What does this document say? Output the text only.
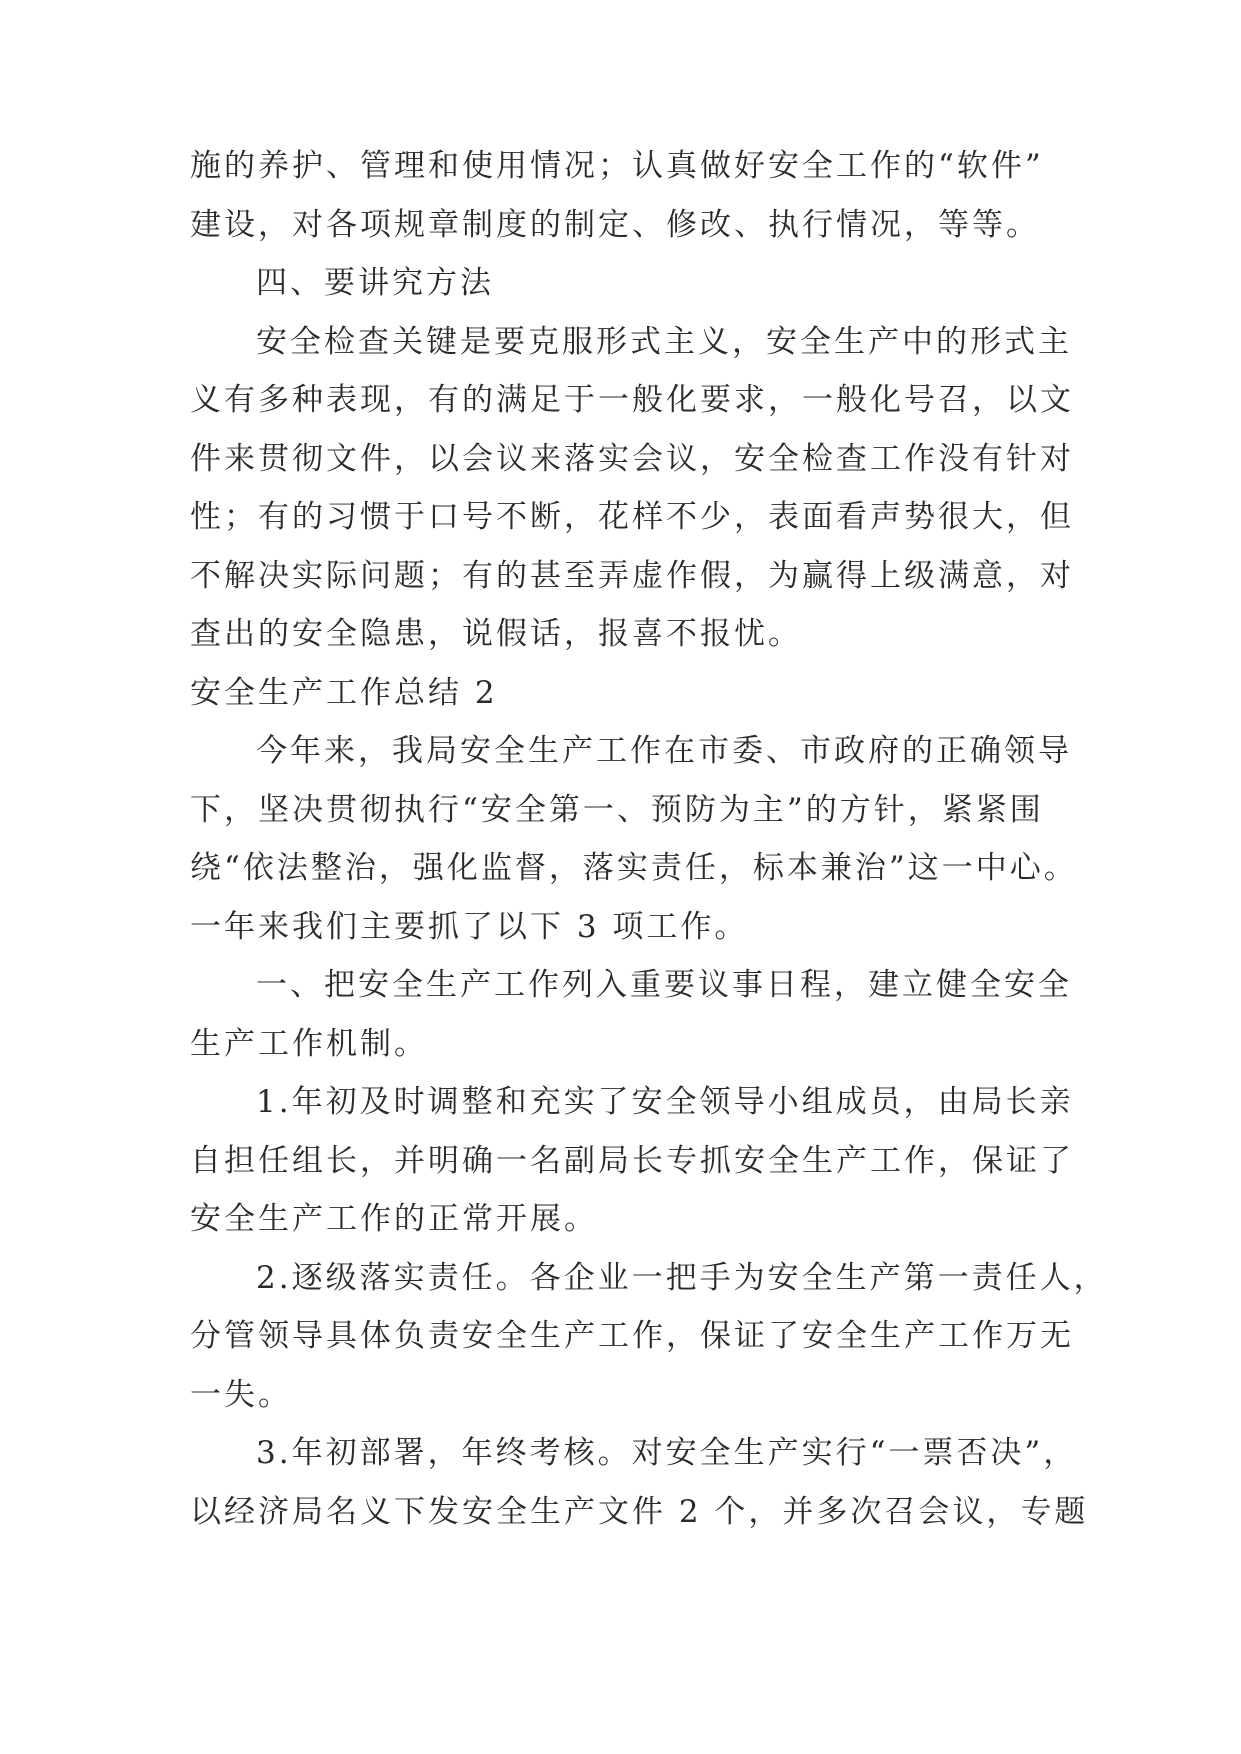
施的养护、管理和使用情况；认真做好安全工作的“软件”
建设，对各项规章制度的制定、修改、执行情况，等等。
四、要讲究方法
安全检查关键是要克服形式主义，安全生产中的形式主
义有多种表现，有的满足于一般化要求，一般化号召，以文
件来贯彻文件，以会议来落实会议，安全检查工作没有针对
性；有的习惯于口号不断，花样不少，表面看声势很大，但
不解决实际问题；有的甚至弄虚作假，为赢得上级满意，对
查出的安全隐患，说假话，报喜不报忧。
安全生产工作总结 2
今年来，我局安全生产工作在市委、市政府的正确领导
下，坚决贯彻执行“安全第一、预防为主”的方针，紧紧围
绕“依法整治，强化监督，落实责任，标本兼治”这一中心。
一年来我们主要抓了以下 3 项工作。
一、把安全生产工作列入重要议事日程，建立健全安全
生产工作机制。
1.年初及时调整和充实了安全领导小组成员，由局长亲
自担任组长，并明确一名副局长专抓安全生产工作，保证了
安全生产工作的正常开展。
2.逐级落实责任。各企业一把手为安全生产第一责任人，
分管领导具体负责安全生产工作，保证了安全生产工作万无
一失。
3.年初部署，年终考核。对安全生产实行“一票否决”，
以经济局名义下发安全生产文件 2 个，并多次召会议，专题
